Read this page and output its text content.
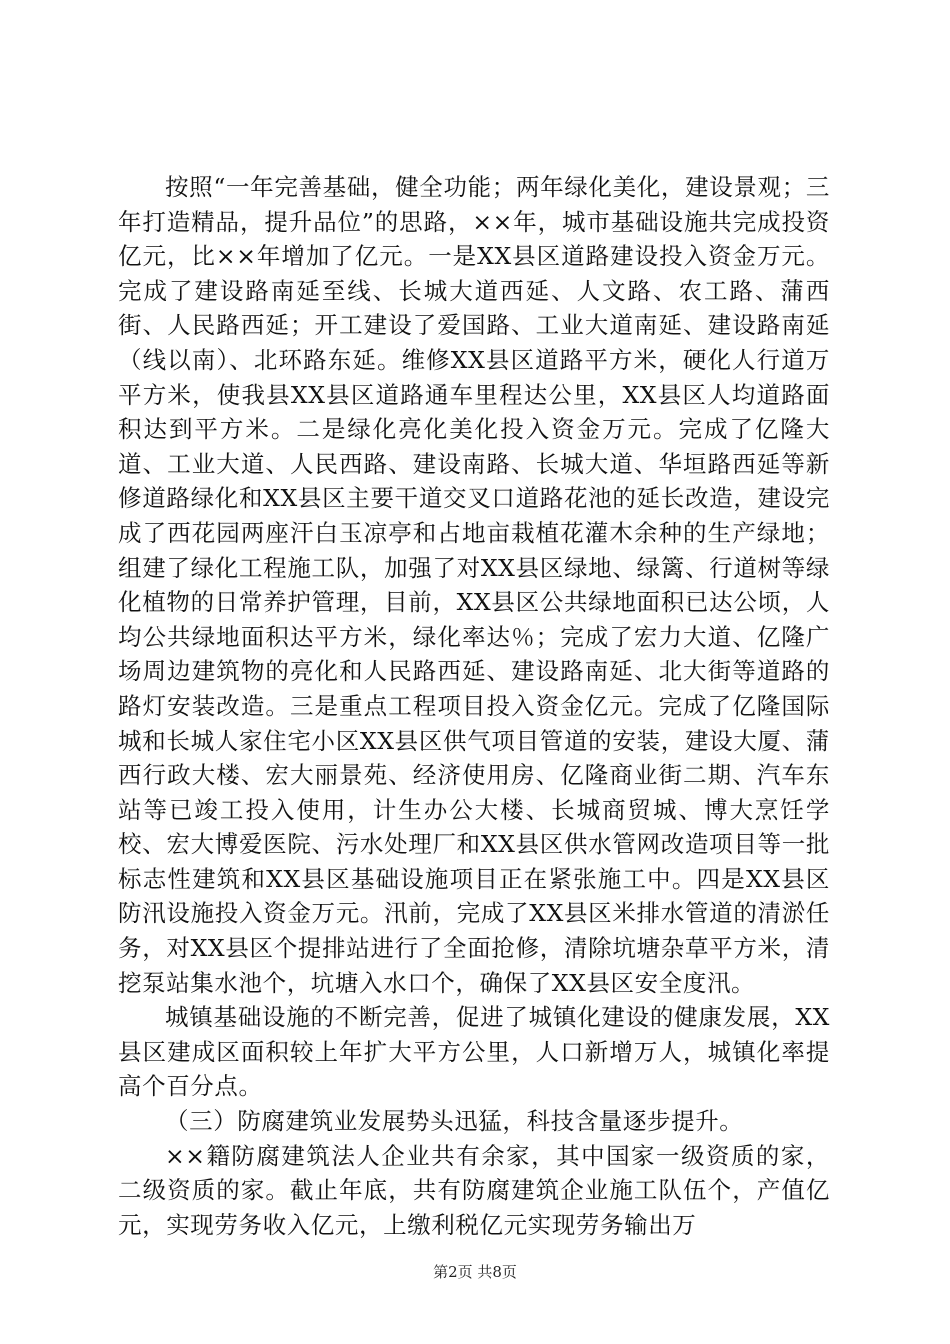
按照“一年完善基础，健全功能；两年绿化美化，建设景观；三年打造精品，提升品位”的思路，××年，城市基础设施共完成投资亿元，比××年增加了亿元。一是XX县区道路建设投入资金万元。完成了建设路南延至线、长城大道西延、人文路、农工路、蒲西街、人民路西延；开工建设了爱国路、工业大道南延、建设路南延（线以南）、北环路东延。维修XX县区道路平方米，硬化人行道万平方米，使我县XX县区道路通车里程达公里，XX县区人均道路面积达到平方米。二是绿化亮化美化投入资金万元。完成了亿隆大道、工业大道、人民西路、建设南路、长城大道、华垣路西延等新修道路绿化和XX县区主要干道交叉口道路花池的延长改造，建设完成了西花园两座汗白玉凉亭和占地亩栽植花灌木余种的生产绿地；组建了绿化工程施工队，加强了对XX县区绿地、绿篱、行道树等绿化植物的日常养护管理，目前，XX县区公共绿地面积已达公顷，人均公共绿地面积达平方米，绿化率达％；完成了宏力大道、亿隆广场周边建筑物的亮化和人民路西延、建设路南延、北大街等道路的路灯安装改造。三是重点工程项目投入资金亿元。完成了亿隆国际城和长城人家住宅小区XX县区供气项目管道的安装，建设大厦、蒲西行政大楼、宏大丽景苑、经济使用房、亿隆商业街二期、汽车东站等已竣工投入使用，计生办公大楼、长城商贸城、博大烹饪学校、宏大博爱医院、污水处理厂和XX县区供水管网改造项目等一批标志性建筑和XX县区基础设施项目正在紧张施工中。四是XX县区防汛设施投入资金万元。汛前，完成了XX县区米排水管道的清淤任务，对XX县区个提排站进行了全面抢修，清除坑塘杂草平方米，清挖泵站集水池个，坑塘入水口个，确保了XX县区安全度汛。

城镇基础设施的不断完善，促进了城镇化建设的健康发展，XX县区建成区面积较上年扩大平方公里，人口新增万人，城镇化率提高个百分点。

（三）防腐建筑业发展势头迅猛，科技含量逐步提升。

××籍防腐建筑法人企业共有余家，其中国家一级资质的家，二级资质的家。截止年底，共有防腐建筑企业施工队伍个，产值亿元，实现劳务收入亿元，上缴利税亿元实现劳务输出万

第2页 共8页
